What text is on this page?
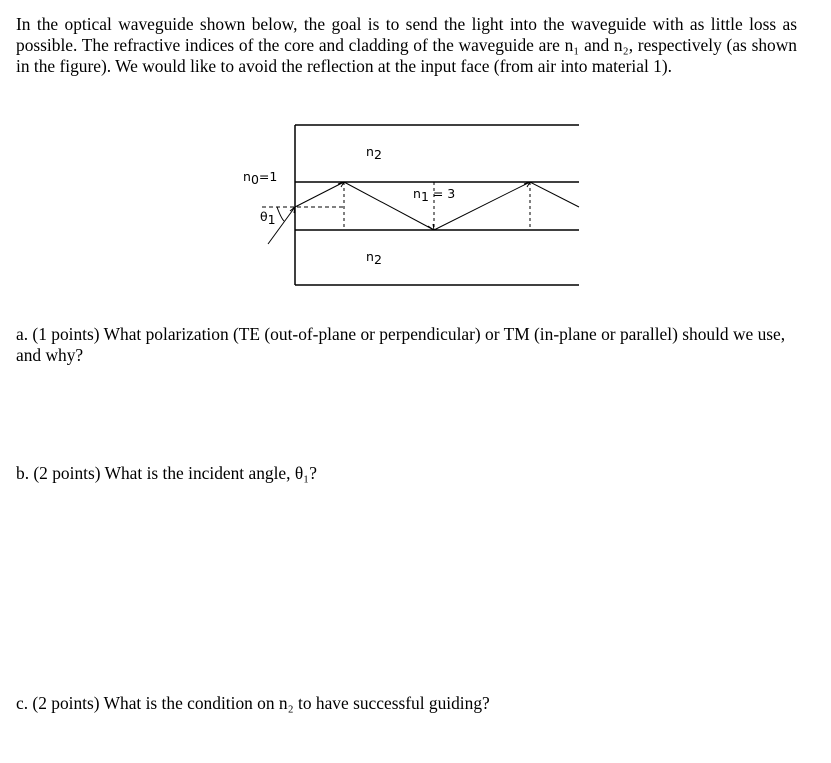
In the optical waveguide shown below, the goal is to send the light into the waveguide with as little loss as possible. The refractive indices of the core and cladding of the waveguide are n₁ and n₂, respectively (as shown in the figure). We would like to avoid the reflection at the input face (from air into material 1).

n2
n0=1
n1 = 3
θ1
n2

a. (1 points) What polarization (TE (out-of-plane or perpendicular) or TM (in-plane or parallel) should we use, and why?

b. (2 points) What is the incident angle, θ₁?

c. (2 points) What is the condition on n₂ to have successful guiding?
